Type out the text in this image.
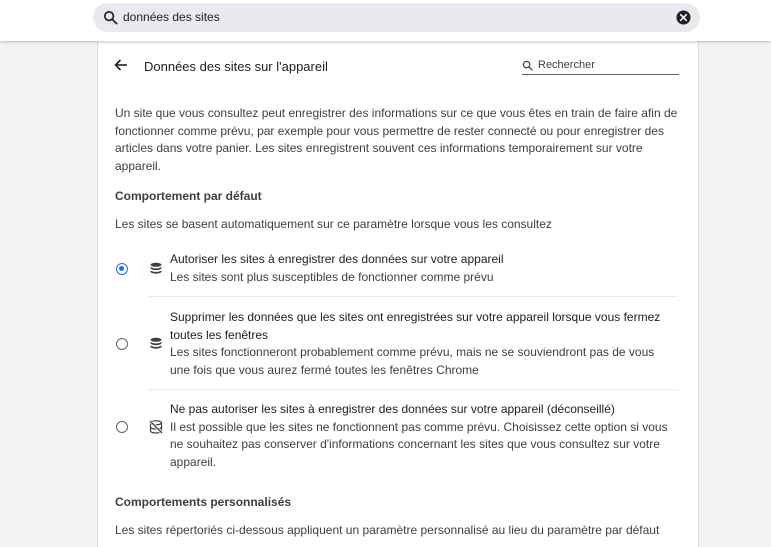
données des sites
Données des sites sur l'appareil	Rechercher
Un site que vous consultez peut enregistrer des informations sur ce que vous êtes en train de faire afin de fonctionner comme prévu, par exemple pour vous permettre de rester connecté ou pour enregistrer des articles dans votre panier. Les sites enregistrent souvent ces informations temporairement sur votre appareil.
Comportement par défaut
Les sites se basent automatiquement sur ce paramètre lorsque vous les consultez
Autoriser les sites à enregistrer des données sur votre appareil
Les sites sont plus susceptibles de fonctionner comme prévu
Supprimer les données que les sites ont enregistrées sur votre appareil lorsque vous fermez toutes les fenêtres
Les sites fonctionneront probablement comme prévu, mais ne se souviendront pas de vous une fois que vous aurez fermé toutes les fenêtres Chrome
Ne pas autoriser les sites à enregistrer des données sur votre appareil (déconseillé)
Il est possible que les sites ne fonctionnent pas comme prévu. Choisissez cette option si vous ne souhaitez pas conserver d'informations concernant les sites que vous consultez sur votre appareil.
Comportements personnalisés
Les sites répertoriés ci-dessous appliquent un paramètre personnalisé au lieu du paramètre par défaut
